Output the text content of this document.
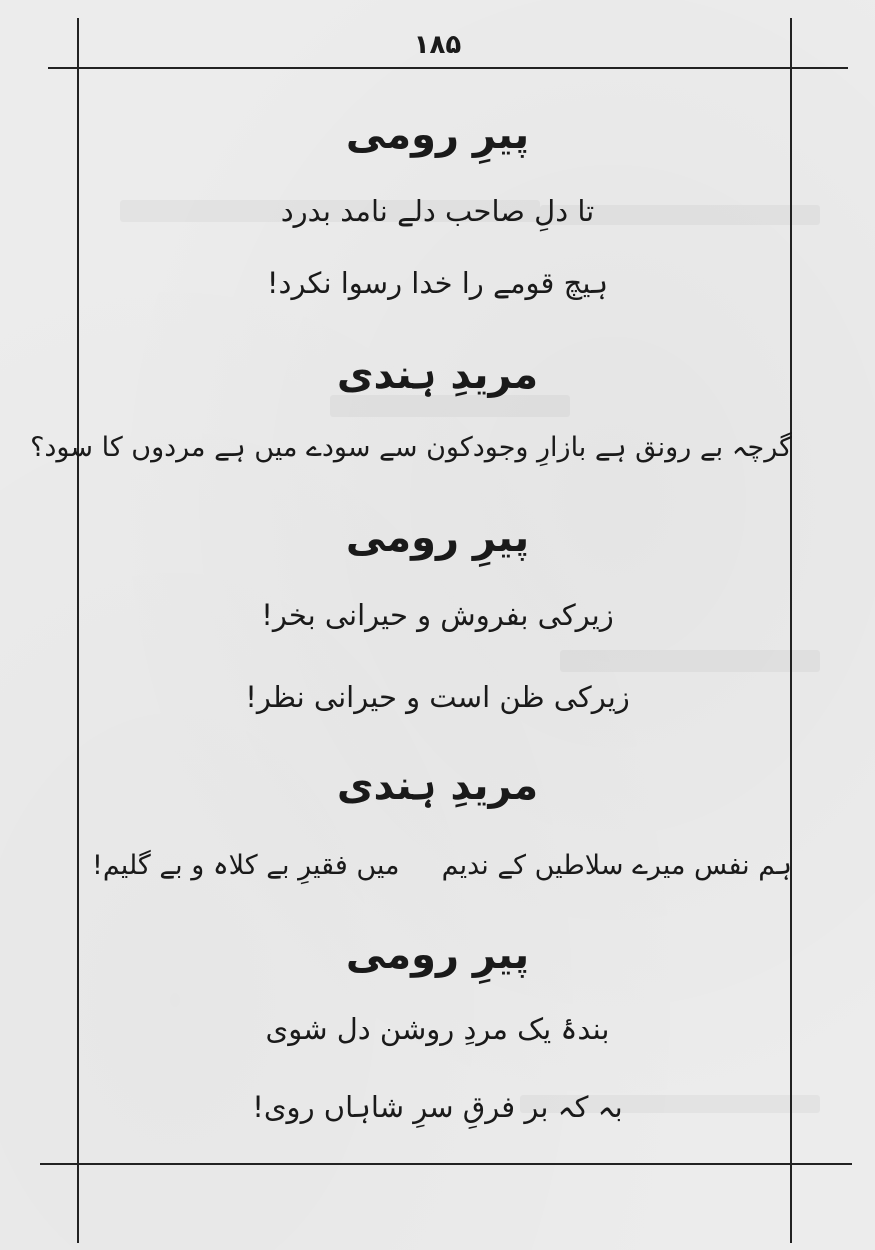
۱۸۵
پیرِ رومی
تا دلِ صاحب دلے نامد بدرد
ہیچ قومے را خدا رسوا نکرد!
مریدِ ہندی
گرچہ بے رونق ہے بازارِ وجود
کون سے سودے میں ہے مردوں کا سود؟
پیرِ رومی
زیرکی بفروش و حیرانی بخر!
زیرکی ظن است و حیرانی نظر!
مریدِ ہندی
ہم نفس میرے سلاطیں کے ندیم
میں فقیرِ بے کلاہ و بے گلیم!
پیرِ رومی
بندۂ یک مردِ روشن دل شوی
بہ کہ بر فرقِ سرِ شاہاں روی!
